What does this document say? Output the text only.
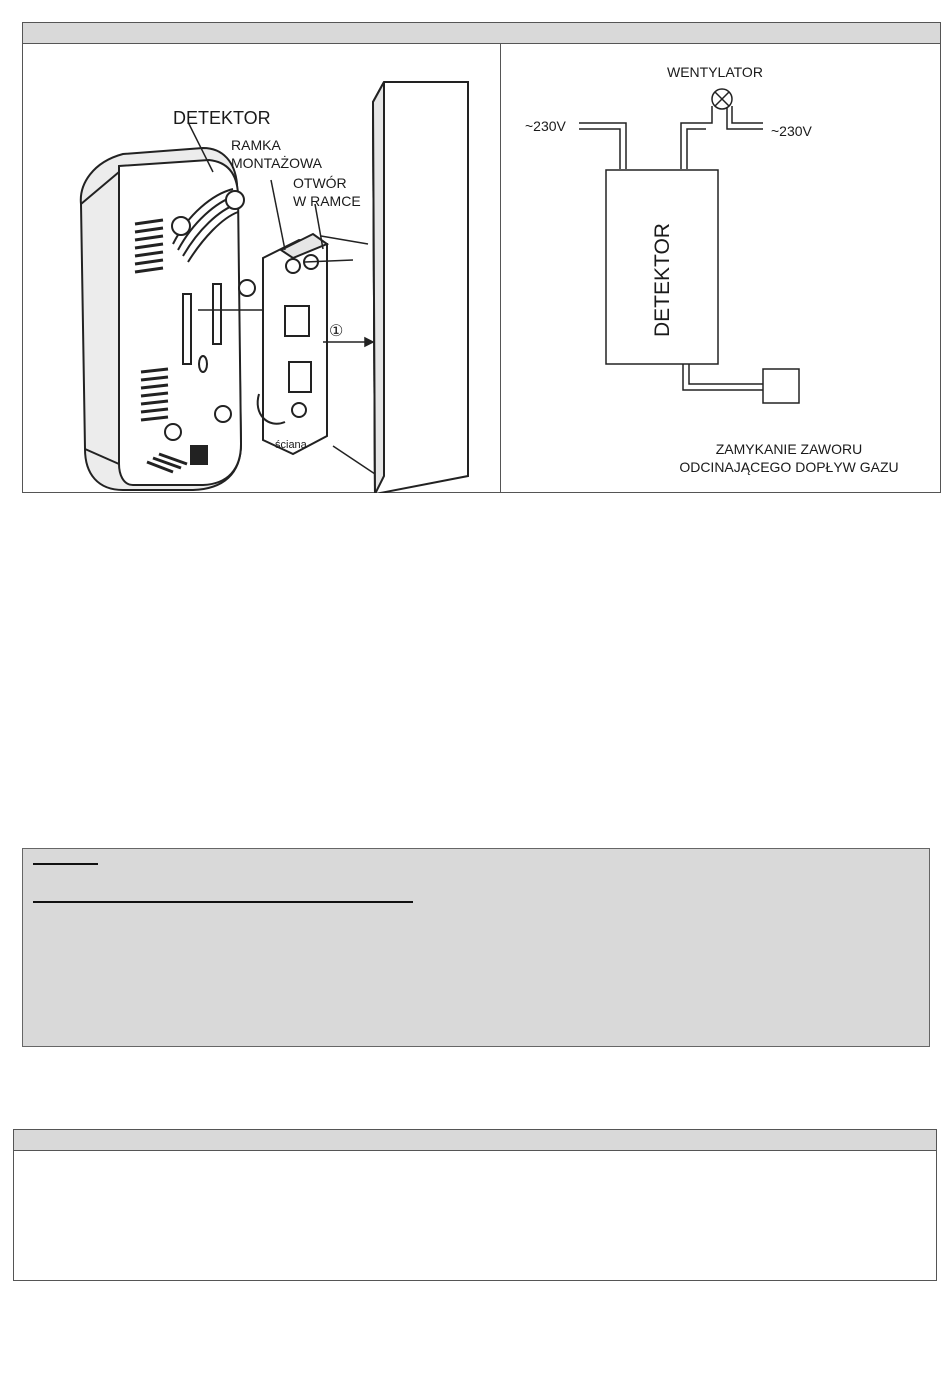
DETEKTOR
RAMKA
MONTAŻOWA
OTWÓR
W RAMCE
ściana
①
WENTYLATOR
~230V	~230V
DETEKTOR
ZAMYKANIE ZAWORU
ODCINAJĄCEGO DOPŁYW GAZU
